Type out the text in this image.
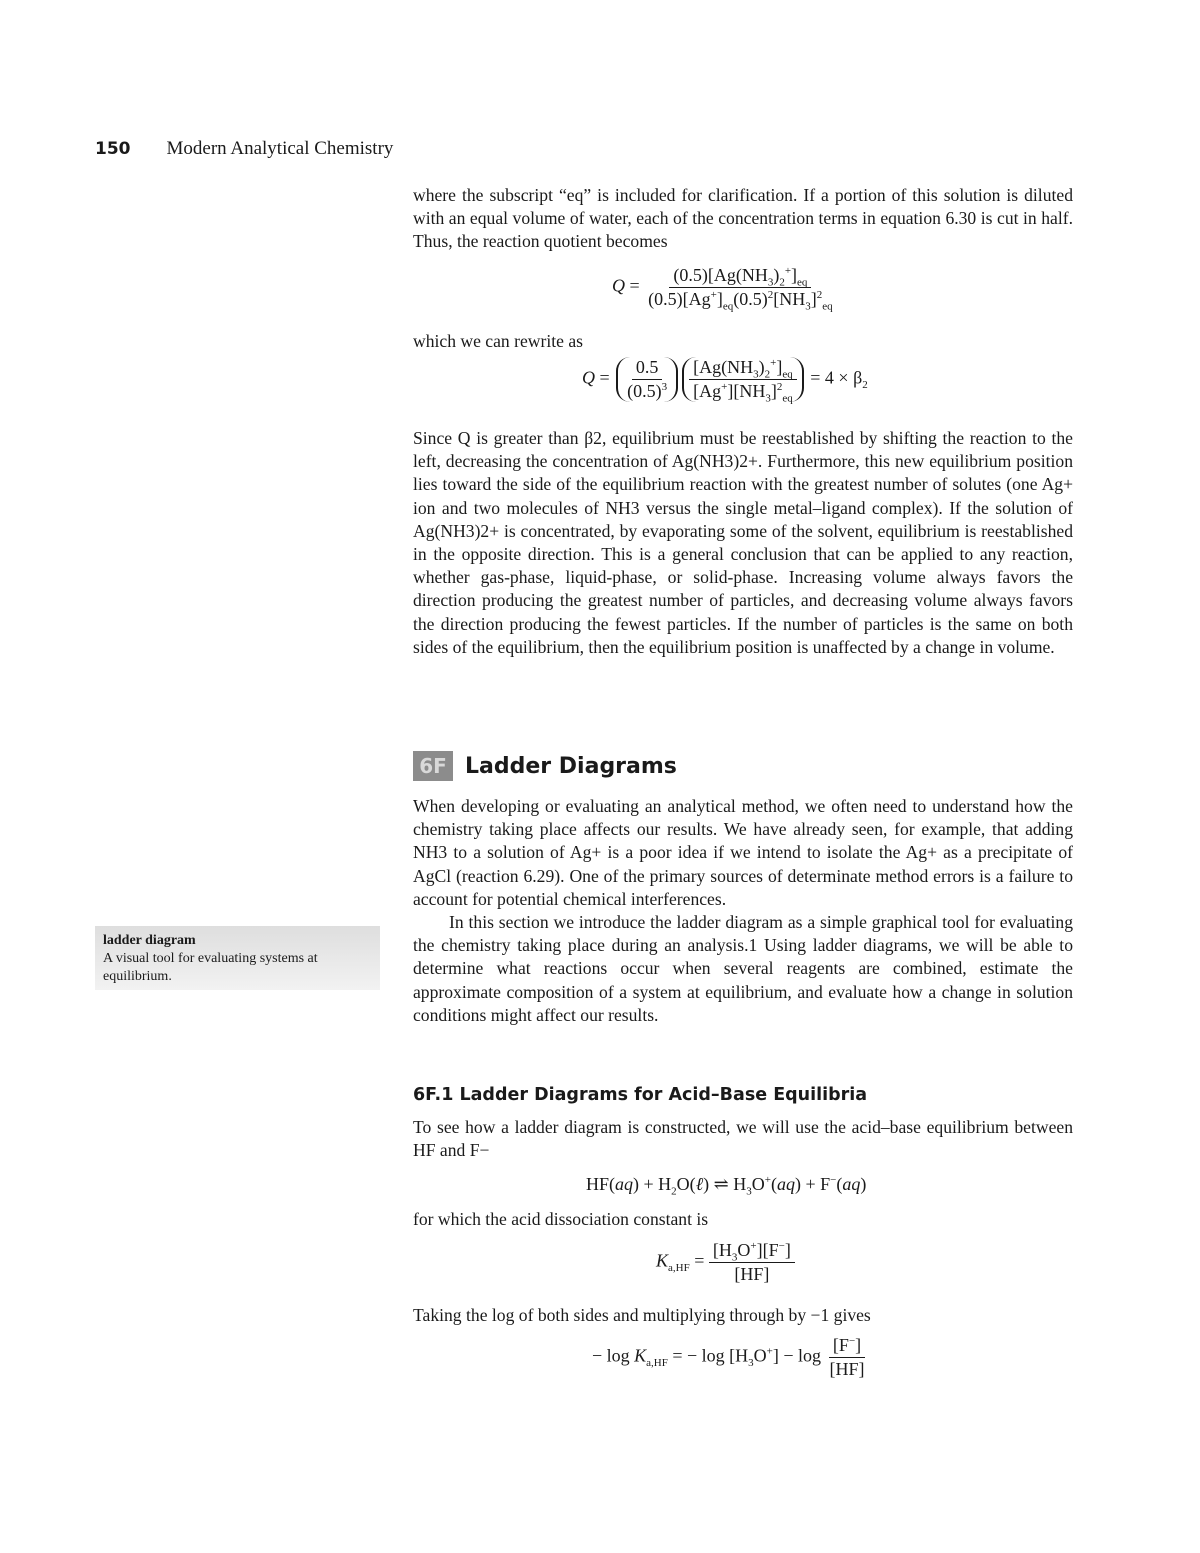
150 Modern Analytical Chemistry

where the subscript “eq” is included for clarification. If a portion of this solution is diluted with an equal volume of water, each of the concentration terms in equation 6.30 is cut in half. Thus, the reaction quotient becomes

$Q = \frac{(0.5)[Ag(NH_3)_2^+]_{eq}}{(0.5)[Ag^+]_{eq}(0.5)^2[NH_3]^2_{eq}}$

which we can rewrite as

$Q = \frac{0.5}{(0.5)^3} \frac{[Ag(NH_3)_2^+]_{eq}}{[Ag^+][NH_3]^2_{eq}} = 4 \times \beta_2$

Since Q is greater than β2, equilibrium must be reestablished by shifting the reaction to the left, decreasing the concentration of Ag(NH3)2+. Furthermore, this new equilibrium position lies toward the side of the equilibrium reaction with the greatest number of solutes (one Ag+ ion and two molecules of NH3 versus the single metal–ligand complex). If the solution of Ag(NH3)2+ is concentrated, by evaporating some of the solvent, equilibrium is reestablished in the opposite direction. This is a general conclusion that can be applied to any reaction, whether gas-phase, liquid-phase, or solid-phase. Increasing volume always favors the direction producing the greatest number of particles, and decreasing volume always favors the direction producing the fewest particles. If the number of particles is the same on both sides of the equilibrium, then the equilibrium position is unaffected by a change in volume.

6F Ladder Diagrams

When developing or evaluating an analytical method, we often need to understand how the chemistry taking place affects our results. We have already seen, for example, that adding NH3 to a solution of Ag+ is a poor idea if we intend to isolate the Ag+ as a precipitate of AgCl (reaction 6.29). One of the primary sources of determinate method errors is a failure to account for potential chemical interferences.

In this section we introduce the ladder diagram as a simple graphical tool for evaluating the chemistry taking place during an analysis.1 Using ladder diagrams, we will be able to determine what reactions occur when several reagents are combined, estimate the approximate composition of a system at equilibrium, and evaluate how a change in solution conditions might affect our results.

ladder diagram
A visual tool for evaluating systems at equilibrium.
6F.1 Ladder Diagrams for Acid–Base Equilibria

To see how a ladder diagram is constructed, we will use the acid–base equilibrium between HF and F−

$HF(aq) + H_2O(\ell)$ ⇌ $H_3O^+(aq) + F^-(aq)$

for which the acid dissociation constant is

$K_{a,HF} = \frac{[H_3O^+][F^-]}{[HF]}$

Taking the log of both sides and multiplying through by −1 gives

− $\log K_{a,HF}$ = − $\log [H_3O^+] - \log \frac{[F^-]}{[HF]}$
